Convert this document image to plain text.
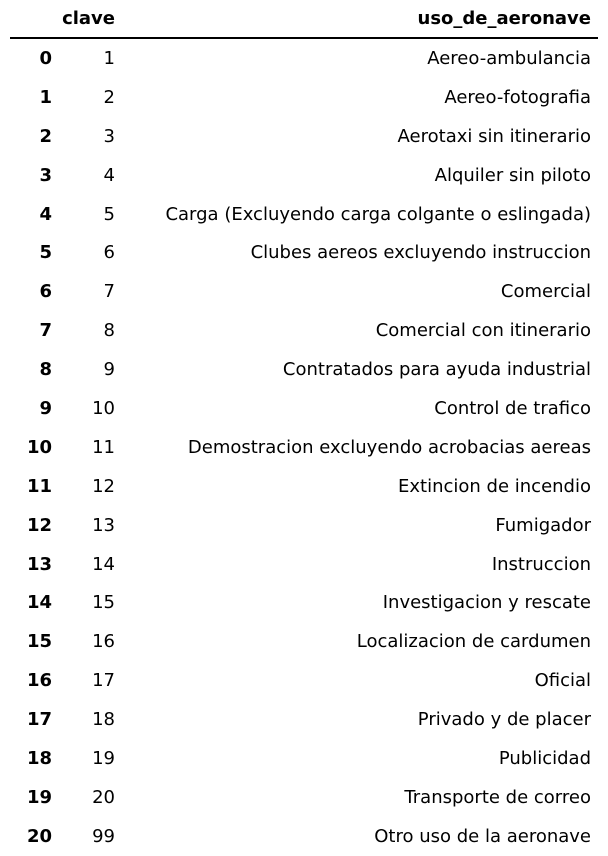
	clave	uso_de_aeronave
0	1	Aereo-ambulancia
1	2	Aereo-fotografia
2	3	Aerotaxi sin itinerario
3	4	Alquiler sin piloto
4	5	Carga (Excluyendo carga colgante o eslingada)
5	6	Clubes aereos excluyendo instruccion
6	7	Comercial
7	8	Comercial con itinerario
8	9	Contratados para ayuda industrial
9	10	Control de trafico
10	11	Demostracion excluyendo acrobacias aereas
11	12	Extincion de incendio
12	13	Fumigador
13	14	Instruccion
14	15	Investigacion y rescate
15	16	Localizacion de cardumen
16	17	Oficial
17	18	Privado y de placer
18	19	Publicidad
19	20	Transporte de correo
20	99	Otro uso de la aeronave
